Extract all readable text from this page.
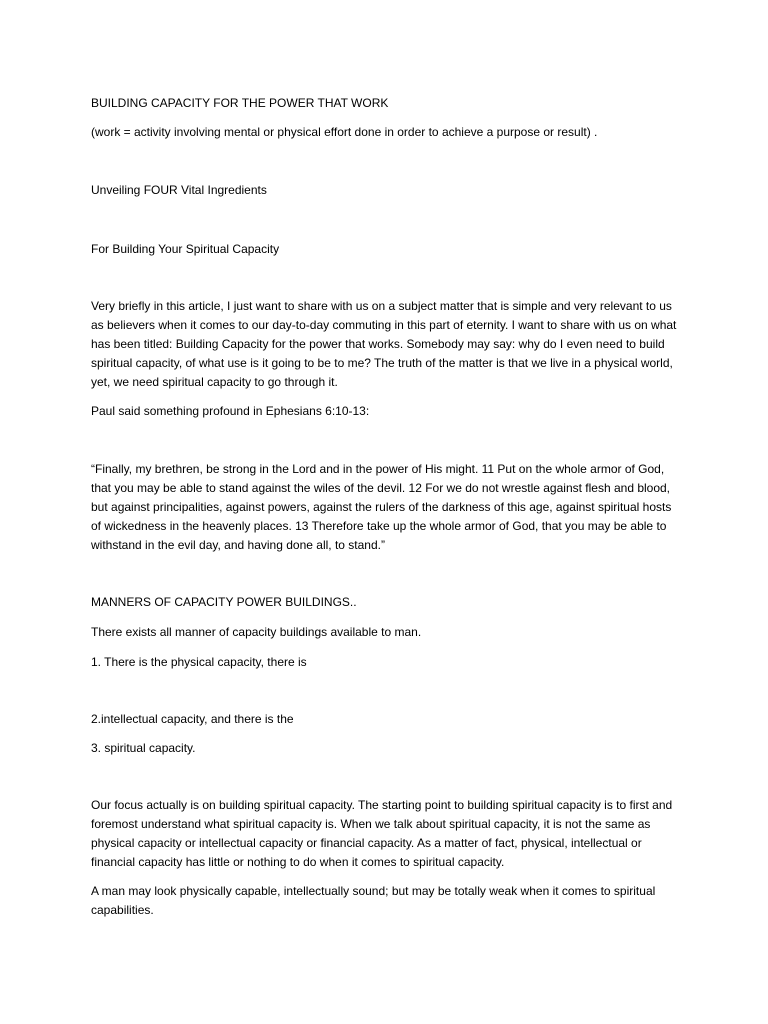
BUILDING CAPACITY FOR THE POWER THAT WORK

(work = activity involving mental or physical effort done in order to achieve a purpose or result) .

Unveiling FOUR Vital Ingredients

For Building Your Spiritual Capacity

Very briefly in this article, I just want to share with us on a subject matter that is simple and very relevant to us as believers when it comes to our day-to-day commuting in this part of eternity. I want to share with us on what has been titled: Building Capacity for the power that works. Somebody may say: why do I even need to build spiritual capacity, of what use is it going to be to me? The truth of the matter is that we live in a physical world, yet, we need spiritual capacity to go through it.

Paul said something profound in Ephesians 6:10-13:

“Finally, my brethren, be strong in the Lord and in the power of His might. 11 Put on the whole armor of God, that you may be able to stand against the wiles of the devil. 12 For we do not wrestle against flesh and blood, but against principalities, against powers, against the rulers of the darkness of this age, against spiritual hosts of wickedness in the heavenly places. 13 Therefore take up the whole armor of God, that you may be able to withstand in the evil day, and having done all, to stand.”

MANNERS OF CAPACITY POWER BUILDINGS..

There exists all manner of capacity buildings available to man.

1. There is the physical capacity, there is

2.intellectual capacity, and there is the

3. spiritual capacity.

Our focus actually is on building spiritual capacity. The starting point to building spiritual capacity is to first and foremost understand what spiritual capacity is. When we talk about spiritual capacity, it is not the same as physical capacity or intellectual capacity or financial capacity. As a matter of fact, physical, intellectual or financial capacity has little or nothing to do when it comes to spiritual capacity.

A man may look physically capable, intellectually sound; but may be totally weak when it comes to spiritual capabilities.
